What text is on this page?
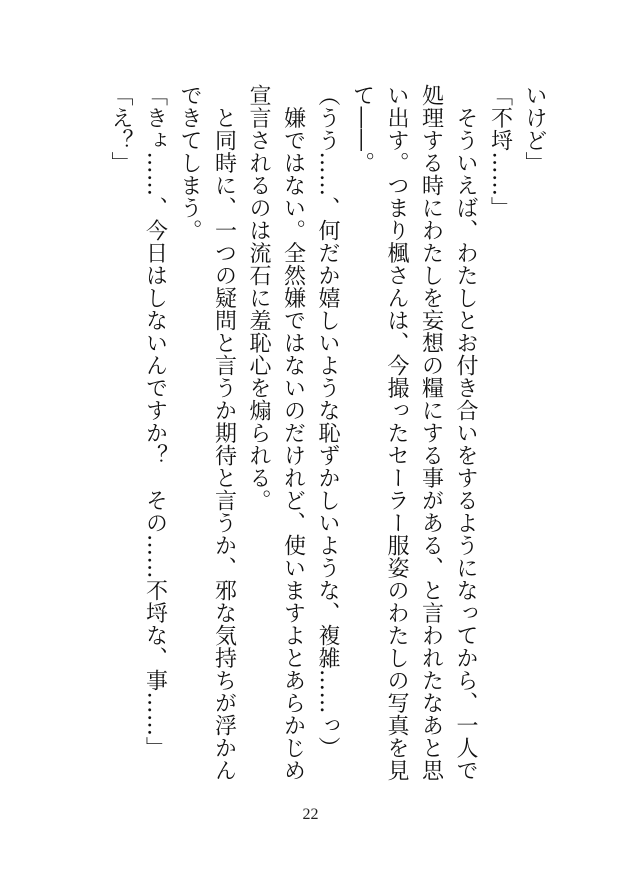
いけど」
「不埒……」
　そういえば、わたしとお付き合いをするようになってから、一人で
処理する時にわたしを妄想の糧にする事がある、と言われたなあと思
い出す。つまり楓さんは、今撮ったセーラー服姿のわたしの写真を見
て――。
（うう……、何だか嬉しいような恥ずかしいような、複雑……っ）
　嫌ではない。全然嫌ではないのだけれど、使いますよとあらかじめ
宣言されるのは流石に羞恥心を煽られる。
　と同時に、一つの疑問と言うか期待と言うか、邪な気持ちが浮かん
できてしまう。
「きょ……、今日はしないんですか？　その……不埒な、事……」
「え？」
22
